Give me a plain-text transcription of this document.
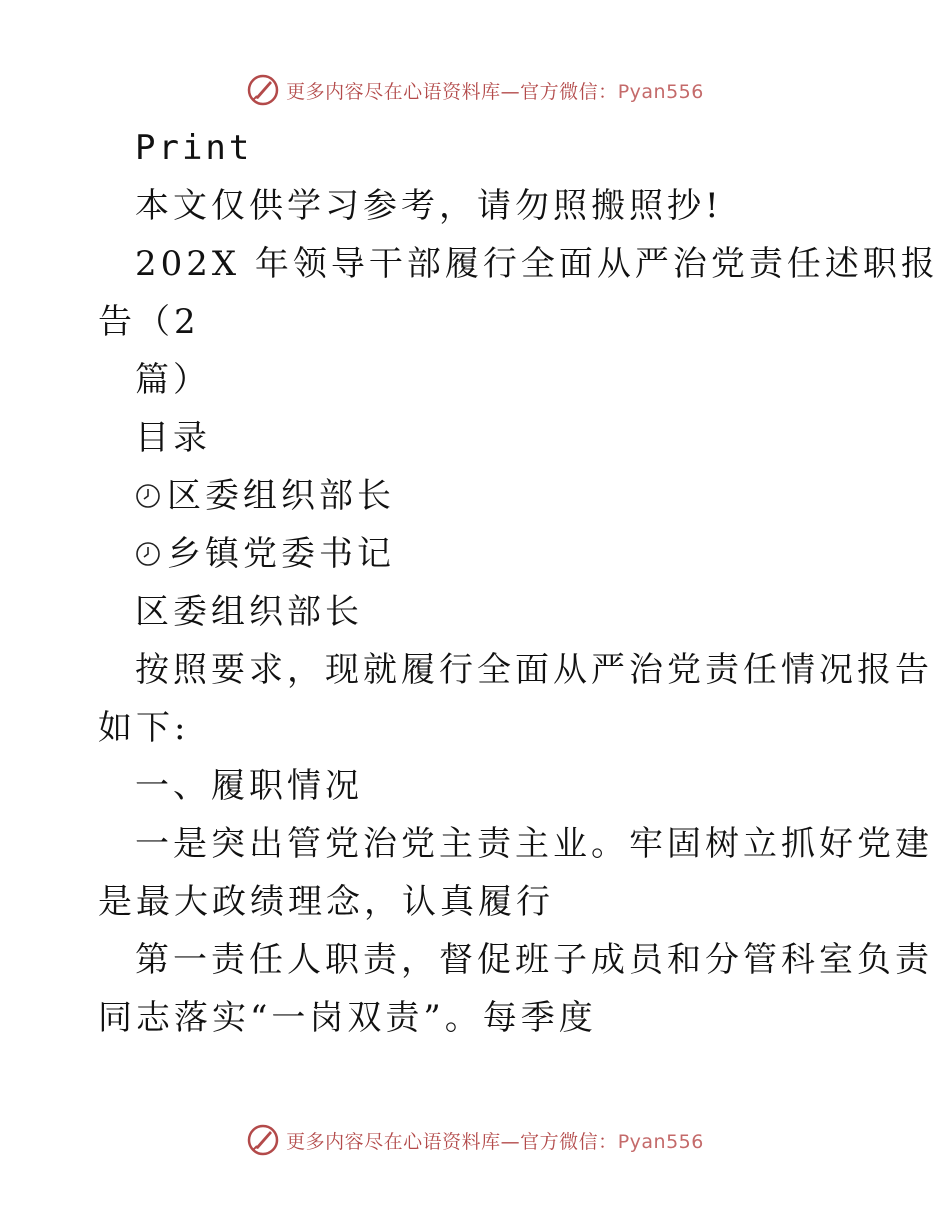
更多内容尽在心语资料库—官方微信：Pyan556
Print
本文仅供学习参考，请勿照搬照抄!
202X 年领导干部履行全面从严治党责任述职报
告（2
篇）
目录
区委组织部长
乡镇党委书记
区委组织部长
按照要求，现就履行全面从严治党责任情况报告
如下:
一、履职情况
一是突出管党治党主责主业。牢固树立抓好党建
是最大政绩理念，认真履行
第一责任人职责，督促班子成员和分管科室负责
同志落实“一岗双责”。每季度
更多内容尽在心语资料库—官方微信：Pyan556
